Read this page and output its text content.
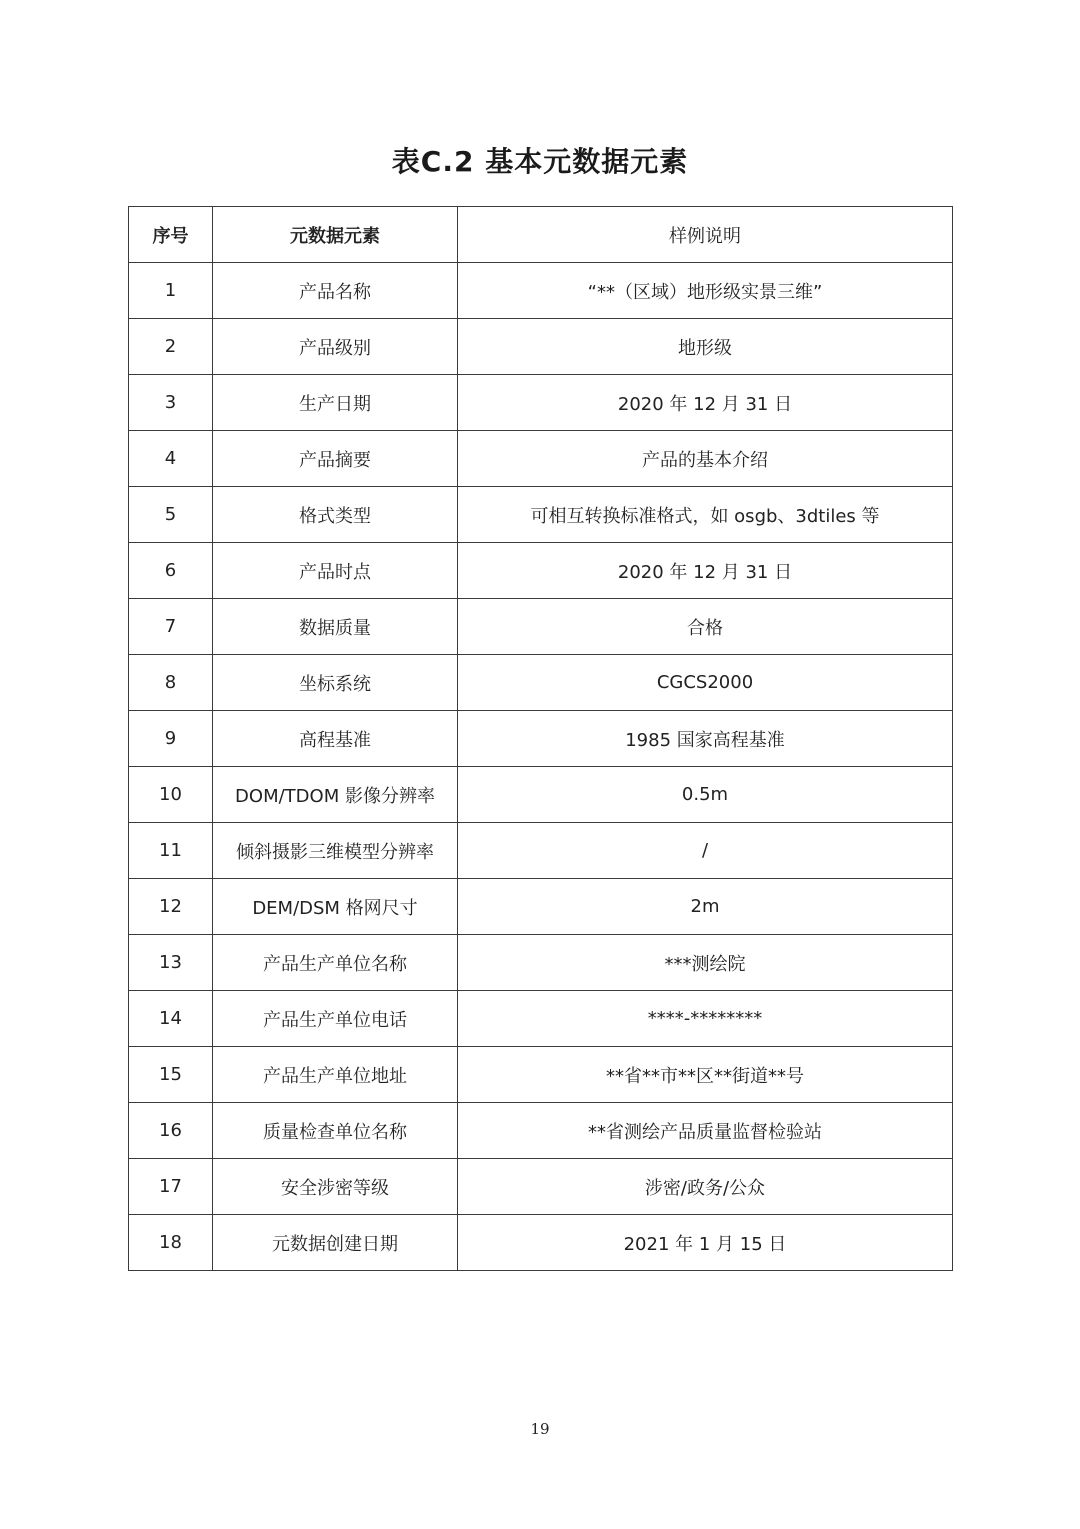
表C.2 基本元数据元素
序号	元数据元素	样例说明
1	产品名称	“**（区域）地形级实景三维”
2	产品级别	地形级
3	生产日期	2020 年 12 月 31 日
4	产品摘要	产品的基本介绍
5	格式类型	可相互转换标准格式，如 osgb、3dtiles 等
6	产品时点	2020 年 12 月 31 日
7	数据质量	合格
8	坐标系统	CGCS2000
9	高程基准	1985 国家高程基准
10	DOM/TDOM 影像分辨率	0.5m
11	倾斜摄影三维模型分辨率	/
12	DEM/DSM 格网尺寸	2m
13	产品生产单位名称	***测绘院
14	产品生产单位电话	****-********
15	产品生产单位地址	**省**市**区**街道**号
16	质量检查单位名称	**省测绘产品质量监督检验站
17	安全涉密等级	涉密/政务/公众
18	元数据创建日期	2021 年 1 月 15 日
19
